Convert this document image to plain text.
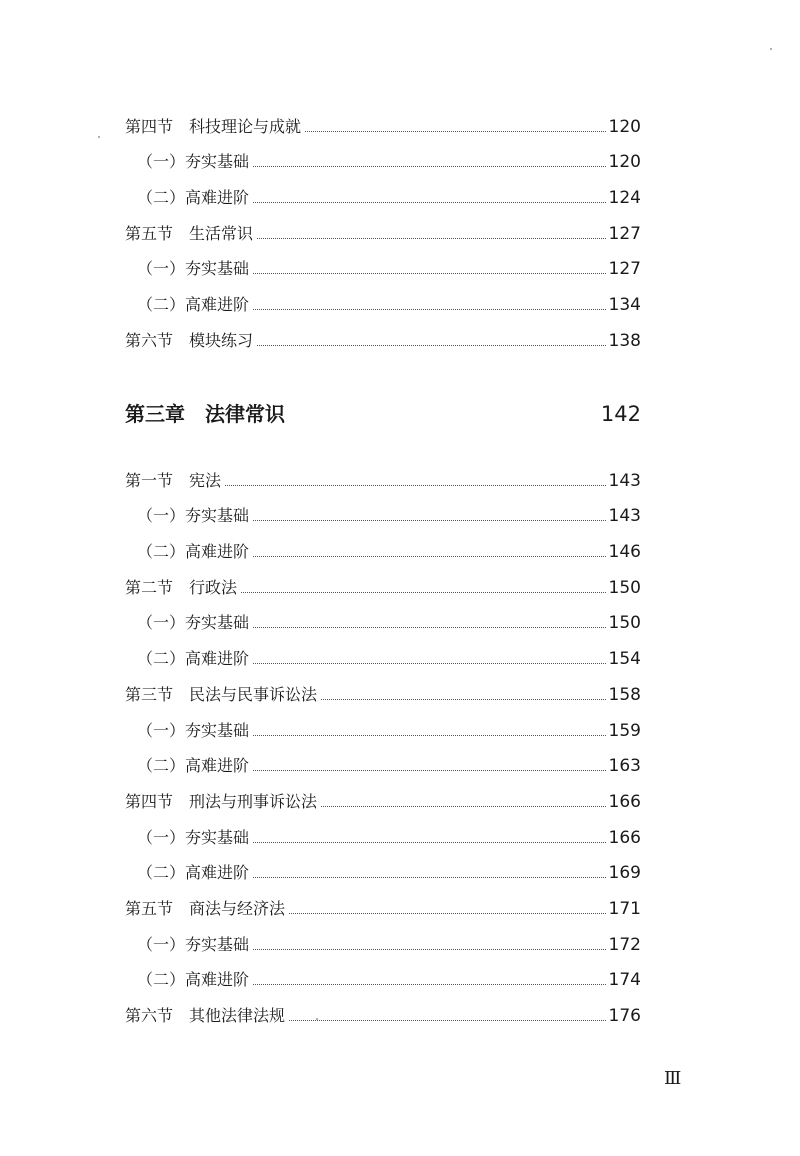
第四节　科技理论与成就	120
（一）夯实基础	120
（二）高难进阶	124
第五节　生活常识	127
（一）夯实基础	127
（二）高难进阶	134
第六节　模块练习	138
第三章　法律常识	142
第一节　宪法	143
（一）夯实基础	143
（二）高难进阶	146
第二节　行政法	150
（一）夯实基础	150
（二）高难进阶	154
第三节　民法与民事诉讼法	158
（一）夯实基础	159
（二）高难进阶	163
第四节　刑法与刑事诉讼法	166
（一）夯实基础	166
（二）高难进阶	169
第五节　商法与经济法	171
（一）夯实基础	172
（二）高难进阶	174
第六节　其他法律法规	176
Ⅲ
